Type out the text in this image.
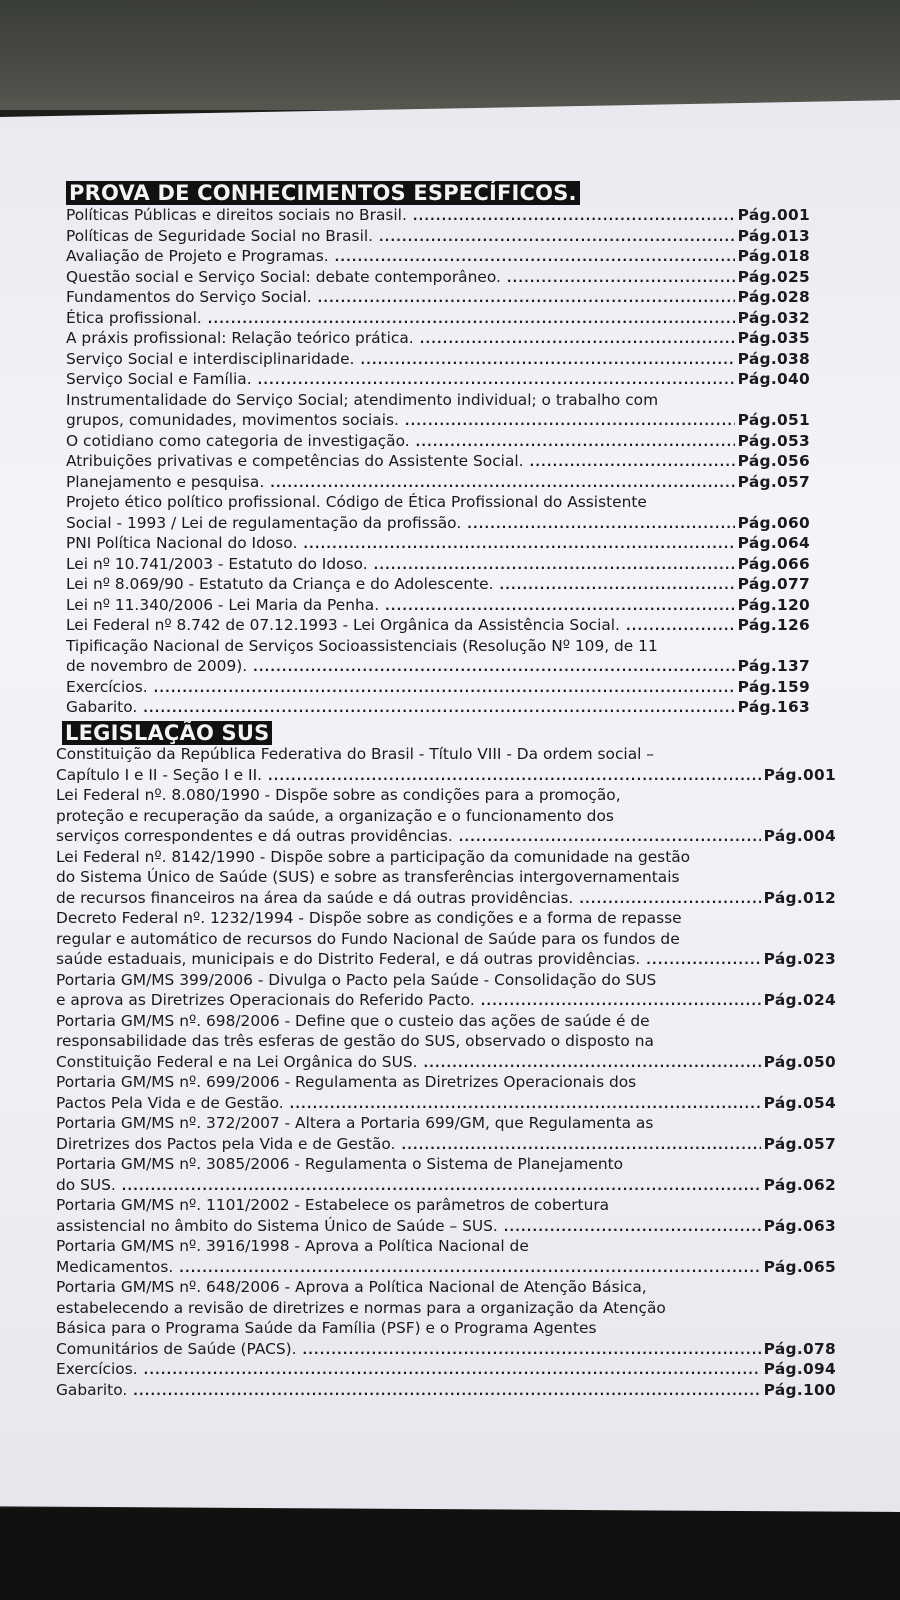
PROVA DE CONHECIMENTOS ESPECÍFICOS.
Políticas Públicas e direitos sociais no Brasil. .....	Pág.001
Políticas de Seguridade Social no Brasil. .....	Pág.013
Avaliação de Projeto e Programas. .....	Pág.018
Questão social e Serviço Social: debate contemporâneo. .....	Pág.025
Fundamentos do Serviço Social. .....	Pág.028
Ética profissional. .....	Pág.032
A práxis profissional: Relação teórico prática. .....	Pág.035
Serviço Social e interdisciplinaridade. .....	Pág.038
Serviço Social e Família. .....	Pág.040
Instrumentalidade do Serviço Social; atendimento individual; o trabalho com
grupos, comunidades, movimentos sociais. .....	Pág.051
O cotidiano como categoria de investigação. .....	Pág.053
Atribuições privativas e competências do Assistente Social. .....	Pág.056
Planejamento e pesquisa. .....	Pág.057
Projeto ético político profissional. Código de Ética Profissional do Assistente
Social - 1993 / Lei de regulamentação da profissão. .....	Pág.060
PNI Política Nacional do Idoso. .....	Pág.064
Lei nº 10.741/2003 - Estatuto do Idoso. .....	Pág.066
Lei nº 8.069/90 - Estatuto da Criança e do Adolescente. .....	Pág.077
Lei nº 11.340/2006 - Lei Maria da Penha. .....	Pág.120
Lei Federal nº 8.742 de 07.12.1993 - Lei Orgânica da Assistência Social. .....	Pág.126
Tipificação Nacional de Serviços Socioassistenciais (Resolução Nº 109, de 11
de novembro de 2009). .....	Pág.137
Exercícios. .....	Pág.159
Gabarito. .....	Pág.163
LEGISLAÇÃO SUS
Constituição da República Federativa do Brasil - Título VIII - Da ordem social –
Capítulo I e II - Seção I e II. .....	Pág.001
Lei Federal nº. 8.080/1990 - Dispõe sobre as condições para a promoção,
proteção e recuperação da saúde, a organização e o funcionamento dos
serviços correspondentes e dá outras providências. .....	Pág.004
Lei Federal nº. 8142/1990 - Dispõe sobre a participação da comunidade na gestão
do Sistema Único de Saúde (SUS) e sobre as transferências intergovernamentais
de recursos financeiros na área da saúde e dá outras providências. .....	Pág.012
Decreto Federal nº. 1232/1994 - Dispõe sobre as condições e a forma de repasse
regular e automático de recursos do Fundo Nacional de Saúde para os fundos de
saúde estaduais, municipais e do Distrito Federal, e dá outras providências. .....	Pág.023
Portaria GM/MS 399/2006 - Divulga o Pacto pela Saúde - Consolidação do SUS
e aprova as Diretrizes Operacionais do Referido Pacto. .....	Pág.024
Portaria GM/MS nº. 698/2006 - Define que o custeio das ações de saúde é de
responsabilidade das três esferas de gestão do SUS, observado o disposto na
Constituição Federal e na Lei Orgânica do SUS. .....	Pág.050
Portaria GM/MS nº. 699/2006 - Regulamenta as Diretrizes Operacionais dos
Pactos Pela Vida e de Gestão. .....	Pág.054
Portaria GM/MS nº. 372/2007 - Altera a Portaria 699/GM, que Regulamenta as
Diretrizes dos Pactos pela Vida e de Gestão. .....	Pág.057
Portaria GM/MS nº. 3085/2006 - Regulamenta o Sistema de Planejamento
do SUS. .....	Pág.062
Portaria GM/MS nº. 1101/2002 - Estabelece os parâmetros de cobertura
assistencial no âmbito do Sistema Único de Saúde – SUS. .....	Pág.063
Portaria GM/MS nº. 3916/1998 - Aprova a Política Nacional de
Medicamentos. .....	Pág.065
Portaria GM/MS nº. 648/2006 - Aprova a Política Nacional de Atenção Básica,
estabelecendo a revisão de diretrizes e normas para a organização da Atenção
Básica para o Programa Saúde da Família (PSF) e o Programa Agentes
Comunitários de Saúde (PACS). .....	Pág.078
Exercícios. .....	Pág.094
Gabarito. .....	Pág.100
